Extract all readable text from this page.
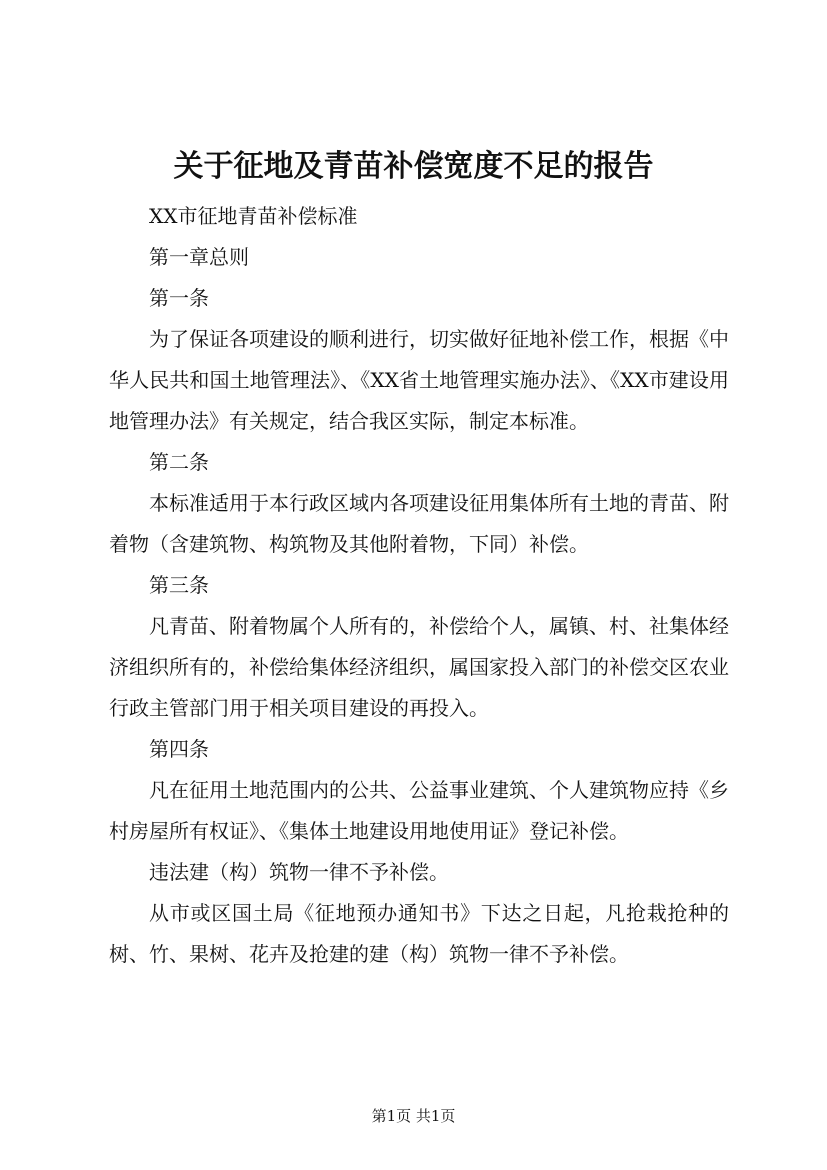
关于征地及青苗补偿宽度不足的报告

XX市征地青苗补偿标准

第一章总则

第一条

为了保证各项建设的顺利进行，切实做好征地补偿工作，根据《中华人民共和国土地管理法》、《XX省土地管理实施办法》、《XX市建设用地管理办法》有关规定，结合我区实际，制定本标准。

第二条

本标准适用于本行政区域内各项建设征用集体所有土地的青苗、附着物（含建筑物、构筑物及其他附着物，下同）补偿。

第三条

凡青苗、附着物属个人所有的，补偿给个人，属镇、村、社集体经济组织所有的，补偿给集体经济组织，属国家投入部门的补偿交区农业行政主管部门用于相关项目建设的再投入。

第四条

凡在征用土地范围内的公共、公益事业建筑、个人建筑物应持《乡村房屋所有权证》、《集体土地建设用地使用证》登记补偿。

违法建（构）筑物一律不予补偿。

从市或区国土局《征地预办通知书》下达之日起，凡抢栽抢种的树、竹、果树、花卉及抢建的建（构）筑物一律不予补偿。

第1页 共1页
